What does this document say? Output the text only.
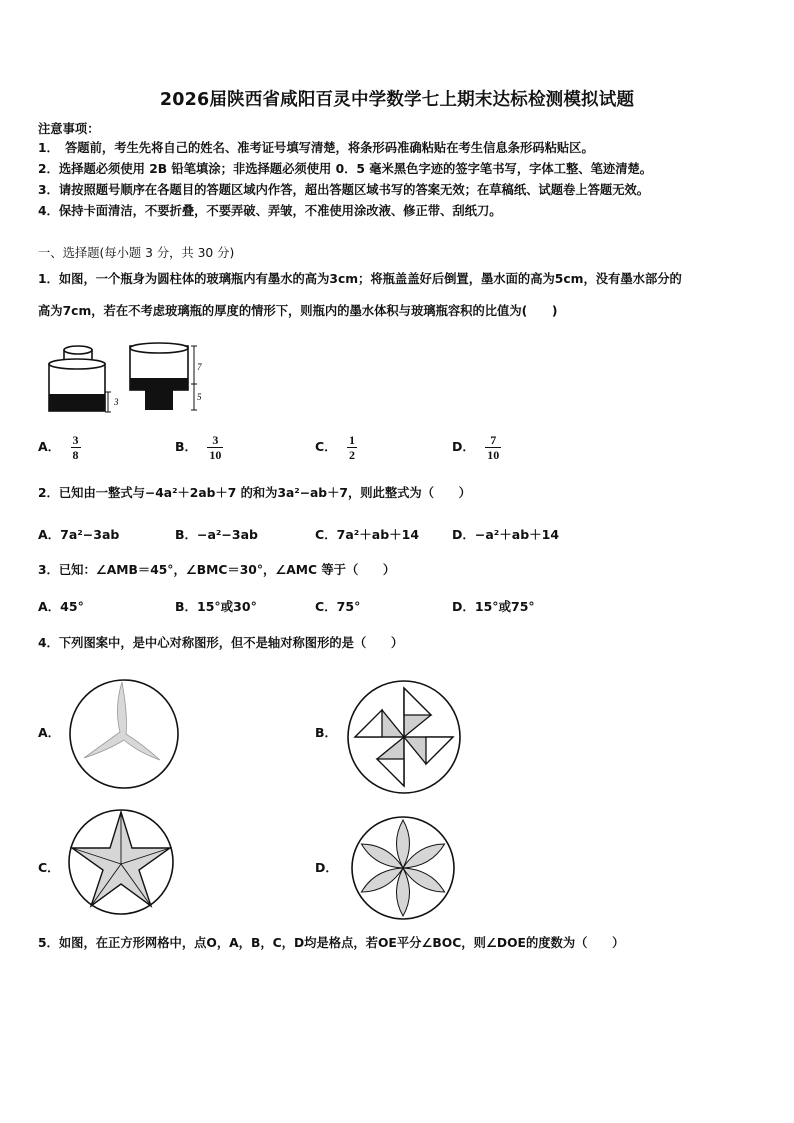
2026届陕西省咸阳百灵中学数学七上期末达标检测模拟试题
注意事项：
1．　答题前，考生先将自己的姓名、准考证号填写清楚，将条形码准确粘贴在考生信息条形码粘贴区。
2．选择题必须使用 2B 铅笔填涂；非选择题必须使用 0．5 毫米黑色字迹的签字笔书写，字体工整、笔迹清楚。
3．请按照题号顺序在各题目的答题区域内作答，超出答题区域书写的答案无效；在草稿纸、试题卷上答题无效。
4．保持卡面清洁，不要折叠，不要弄破、弄皱，不准使用涂改液、修正带、刮纸刀。
一、选择题(每小题 3 分，共 30 分)
1．如图，一个瓶身为圆柱体的玻璃瓶内有墨水的高为3cm；将瓶盖盖好后倒置，墨水面的高为5cm，没有墨水部分的
高为7cm，若在不考虑玻璃瓶的厚度的情形下，则瓶内的墨水体积与玻璃瓶容积的比值为(　　)
3
7
5
A． $\frac{3}{8}$	B． $\frac{3}{10}$	C． $\frac{1}{2}$	D． $\frac{7}{10}$
2．已知由一整式与−4a²＋2ab＋7 的和为3a²−ab＋7，则此整式为（　　）
A．7a²−3ab	B．−a²−3ab	C．7a²＋ab＋14	D．−a²＋ab＋14
3．已知：∠AMB＝45°，∠BMC＝30°，∠AMC 等于（　　）
A．45°	B．15°或30°	C．75°	D．15°或75°
4．下列图案中，是中心对称图形，但不是轴对称图形的是（　　）
A．	B．
C．	D．
5．如图，在正方形网格中，点O，A，B，C，D均是格点，若OE平分∠BOC，则∠DOE的度数为（　　）
